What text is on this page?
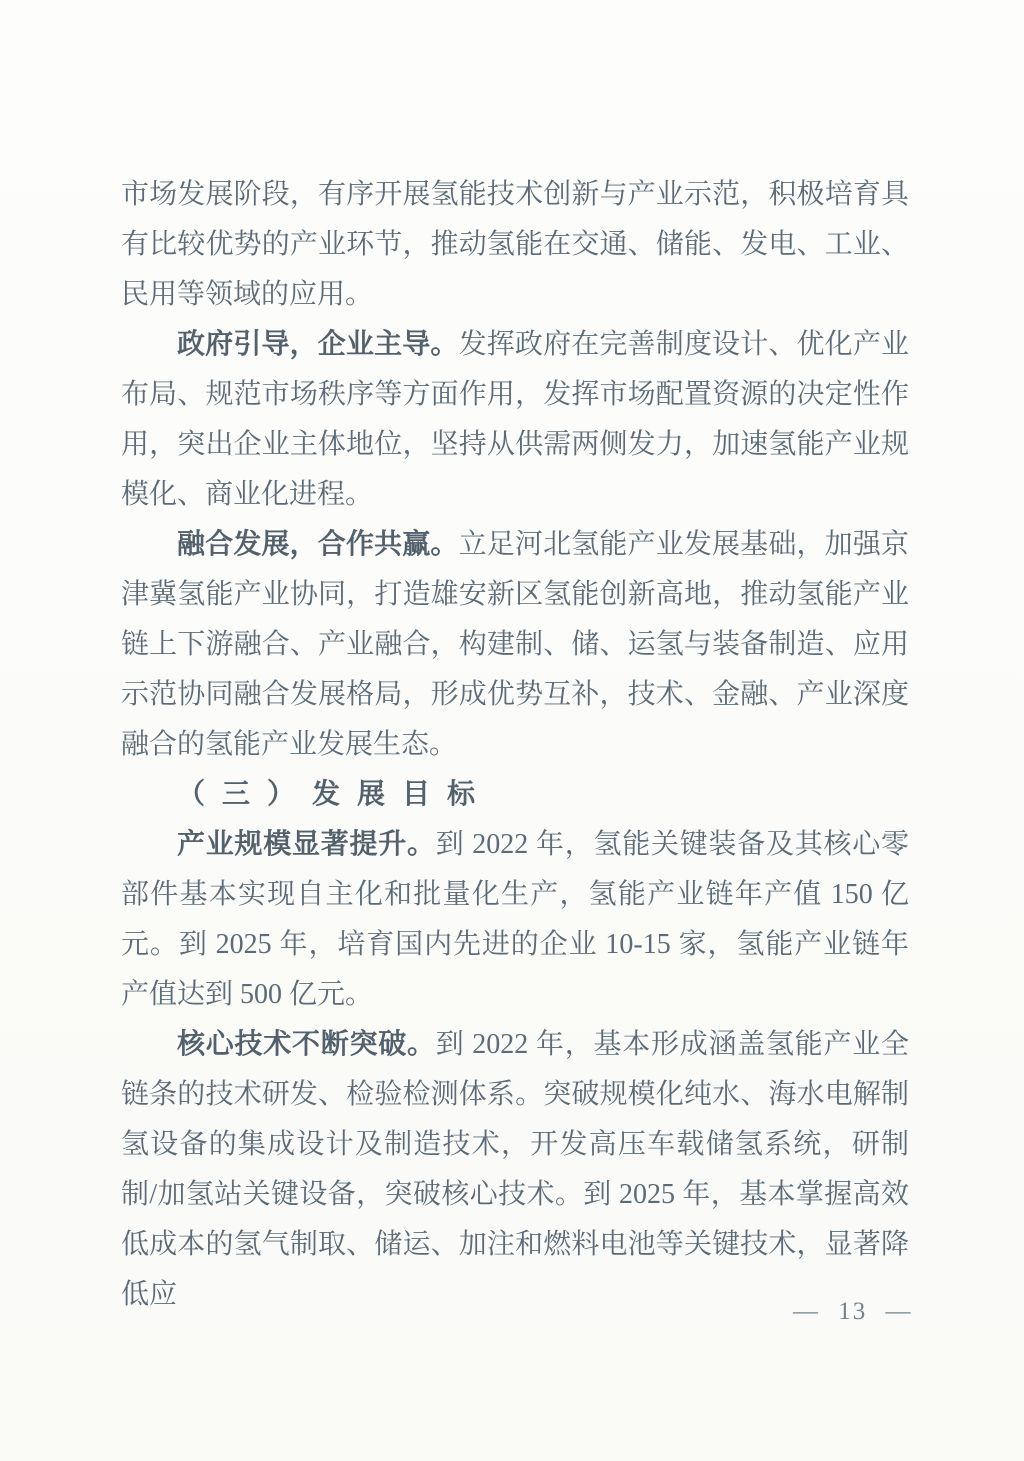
市场发展阶段，有序开展氢能技术创新与产业示范，积极培育具有比较优势的产业环节，推动氢能在交通、储能、发电、工业、民用等领域的应用。

政府引导，企业主导。发挥政府在完善制度设计、优化产业布局、规范市场秩序等方面作用，发挥市场配置资源的决定性作用，突出企业主体地位，坚持从供需两侧发力，加速氢能产业规模化、商业化进程。

融合发展，合作共赢。立足河北氢能产业发展基础，加强京津冀氢能产业协同，打造雄安新区氢能创新高地，推动氢能产业链上下游融合、产业融合，构建制、储、运氢与装备制造、应用示范协同融合发展格局，形成优势互补，技术、金融、产业深度融合的氢能产业发展生态。

（三）发展目标

产业规模显著提升。到 2022 年，氢能关键装备及其核心零部件基本实现自主化和批量化生产，氢能产业链年产值 150 亿元。到 2025 年，培育国内先进的企业 10-15 家，氢能产业链年产值达到 500 亿元。

核心技术不断突破。到 2022 年，基本形成涵盖氢能产业全链条的技术研发、检验检测体系。突破规模化纯水、海水电解制氢设备的集成设计及制造技术，开发高压车载储氢系统，研制制/加氢站关键设备，突破核心技术。到 2025 年，基本掌握高效低成本的氢气制取、储运、加注和燃料电池等关键技术，显著降低应

— 13 —
